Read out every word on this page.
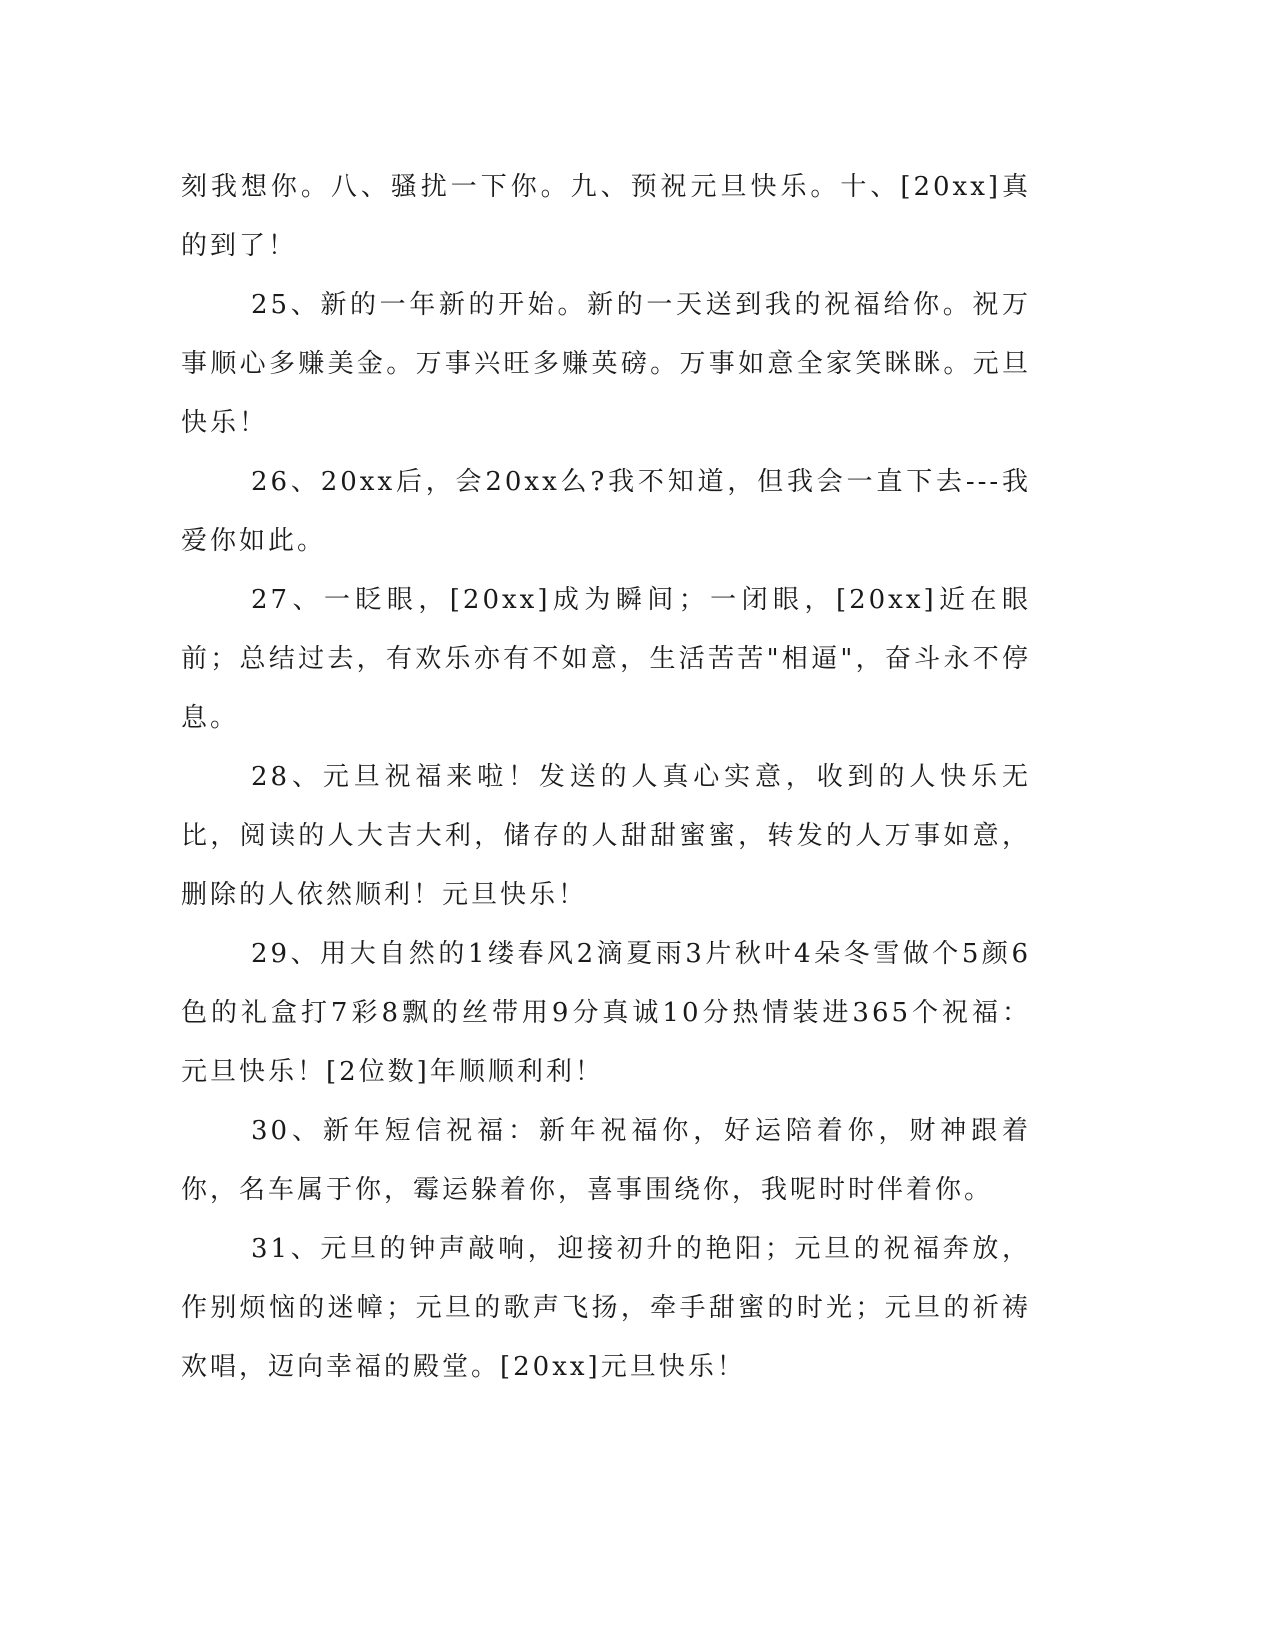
刻我想你。八、骚扰一下你。九、预祝元旦快乐。十、[20xx]真的到了！

25、新的一年新的开始。新的一天送到我的祝福给你。祝万事顺心多赚美金。万事兴旺多赚英磅。万事如意全家笑眯眯。元旦快乐！

26、20xx后，会20xx么?我不知道，但我会一直下去---我爱你如此。

27、一眨眼，[20xx]成为瞬间；一闭眼，[20xx]近在眼前；总结过去，有欢乐亦有不如意，生活苦苦"相逼"，奋斗永不停息。

28、元旦祝福来啦！发送的人真心实意，收到的人快乐无比，阅读的人大吉大利，储存的人甜甜蜜蜜，转发的人万事如意，删除的人依然顺利！元旦快乐！

29、用大自然的1缕春风2滴夏雨3片秋叶4朵冬雪做个5颜6色的礼盒打7彩8飘的丝带用9分真诚10分热情装进365个祝福：元旦快乐！[2位数]年顺顺利利！

30、新年短信祝福：新年祝福你，好运陪着你，财神跟着你，名车属于你，霉运躲着你，喜事围绕你，我呢时时伴着你。

31、元旦的钟声敲响，迎接初升的艳阳；元旦的祝福奔放，作别烦恼的迷幛；元旦的歌声飞扬，牵手甜蜜的时光；元旦的祈祷欢唱，迈向幸福的殿堂。[20xx]元旦快乐！
